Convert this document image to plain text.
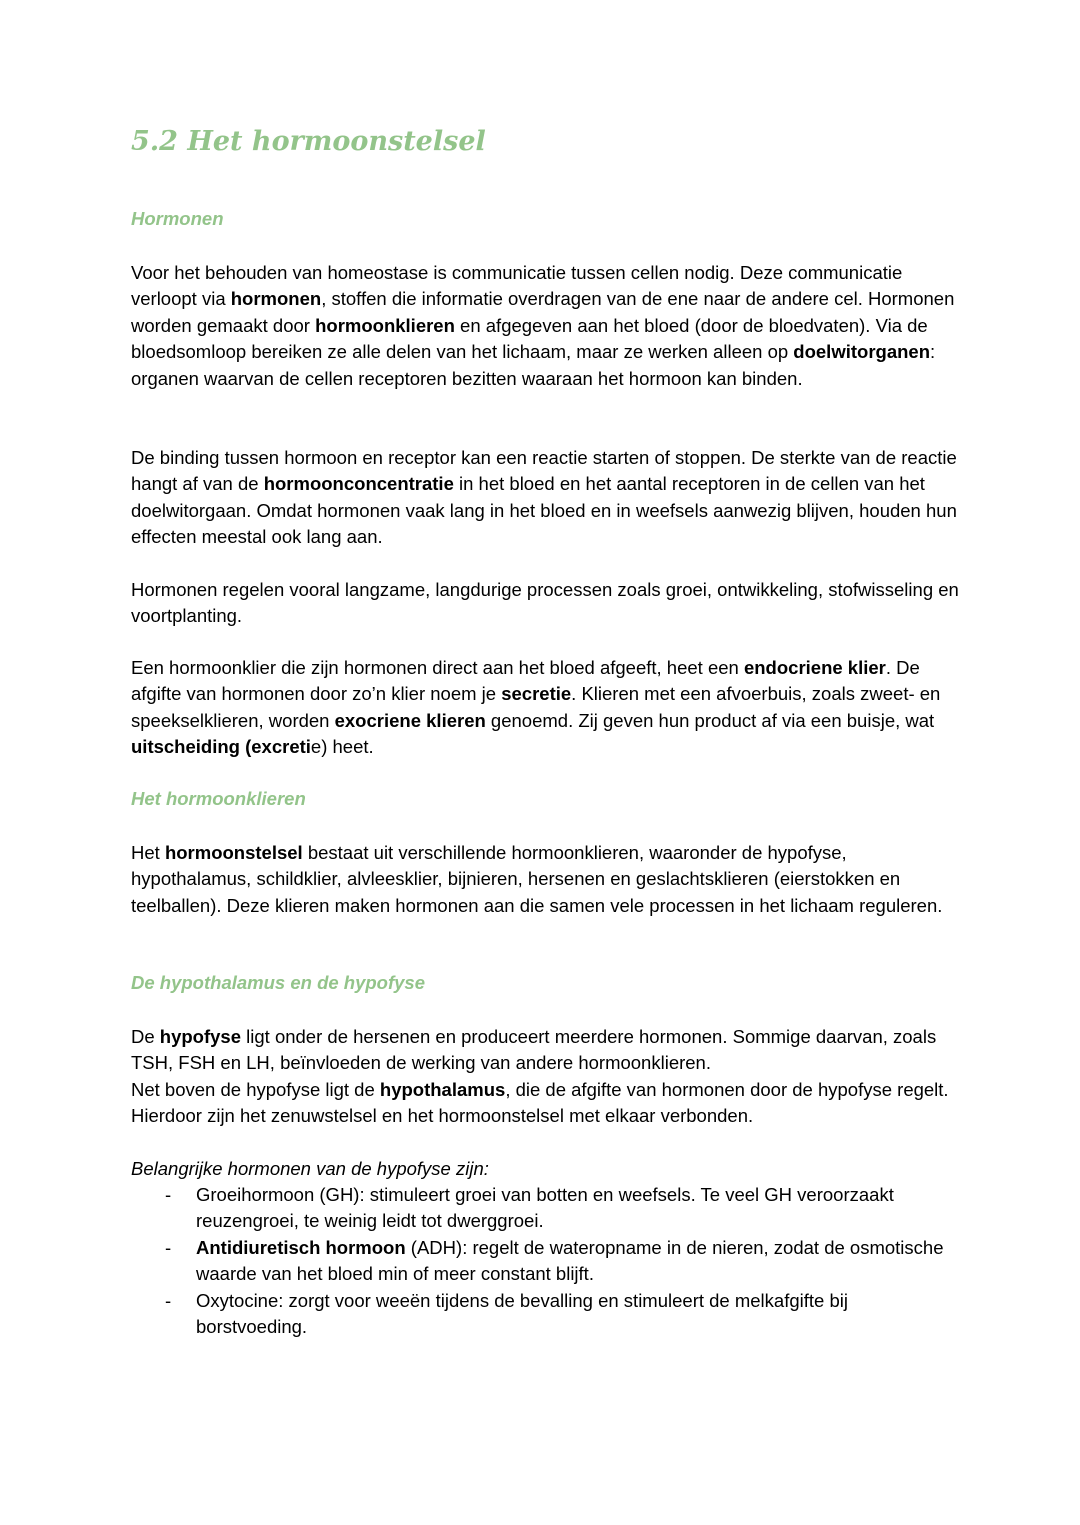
5.2 Het hormoonstelsel
Hormonen

Voor het behouden van homeostase is communicatie tussen cellen nodig. Deze communicatie verloopt via hormonen, stoffen die informatie overdragen van de ene naar de andere cel. Hormonen worden gemaakt door hormoonklieren en afgegeven aan het bloed (door de bloedvaten). Via de bloedsomloop bereiken ze alle delen van het lichaam, maar ze werken alleen op doelwitorganen: organen waarvan de cellen receptoren bezitten waaraan het hormoon kan binden.

De binding tussen hormoon en receptor kan een reactie starten of stoppen. De sterkte van de reactie hangt af van de hormoonconcentratie in het bloed en het aantal receptoren in de cellen van het doelwitorgaan. Omdat hormonen vaak lang in het bloed en in weefsels aanwezig blijven, houden hun effecten meestal ook lang aan.

Hormonen regelen vooral langzame, langdurige processen zoals groei, ontwikkeling, stofwisseling en voortplanting.

Een hormoonklier die zijn hormonen direct aan het bloed afgeeft, heet een endocriene klier. De afgifte van hormonen door zo’n klier noem je secretie. Klieren met een afvoerbuis, zoals zweet- en speekselklieren, worden exocriene klieren genoemd. Zij geven hun product af via een buisje, wat uitscheiding (excretie) heet.

Het hormoonklieren

Het hormoonstelsel bestaat uit verschillende hormoonklieren, waaronder de hypofyse, hypothalamus, schildklier, alvleesklier, bijnieren, hersenen en geslachtsklieren (eierstokken en teelballen). Deze klieren maken hormonen aan die samen vele processen in het lichaam reguleren.

De hypothalamus en de hypofyse

De hypofyse ligt onder de hersenen en produceert meerdere hormonen. Sommige daarvan, zoals TSH, FSH en LH, beïnvloeden de werking van andere hormoonklieren.

Net boven de hypofyse ligt de hypothalamus, die de afgifte van hormonen door de hypofyse regelt. Hierdoor zijn het zenuwstelsel en het hormoonstelsel met elkaar verbonden.

Belangrijke hormonen van de hypofyse zijn:

- Groeihormoon (GH): stimuleert groei van botten en weefsels. Te veel GH veroorzaakt reuzengroei, te weinig leidt tot dwerggroei.
- Antidiuretisch hormoon (ADH): regelt de wateropname in de nieren, zodat de osmotische waarde van het bloed min of meer constant blijft.
- Oxytocine: zorgt voor weeën tijdens de bevalling en stimuleert de melkafgifte bij borstvoeding.
